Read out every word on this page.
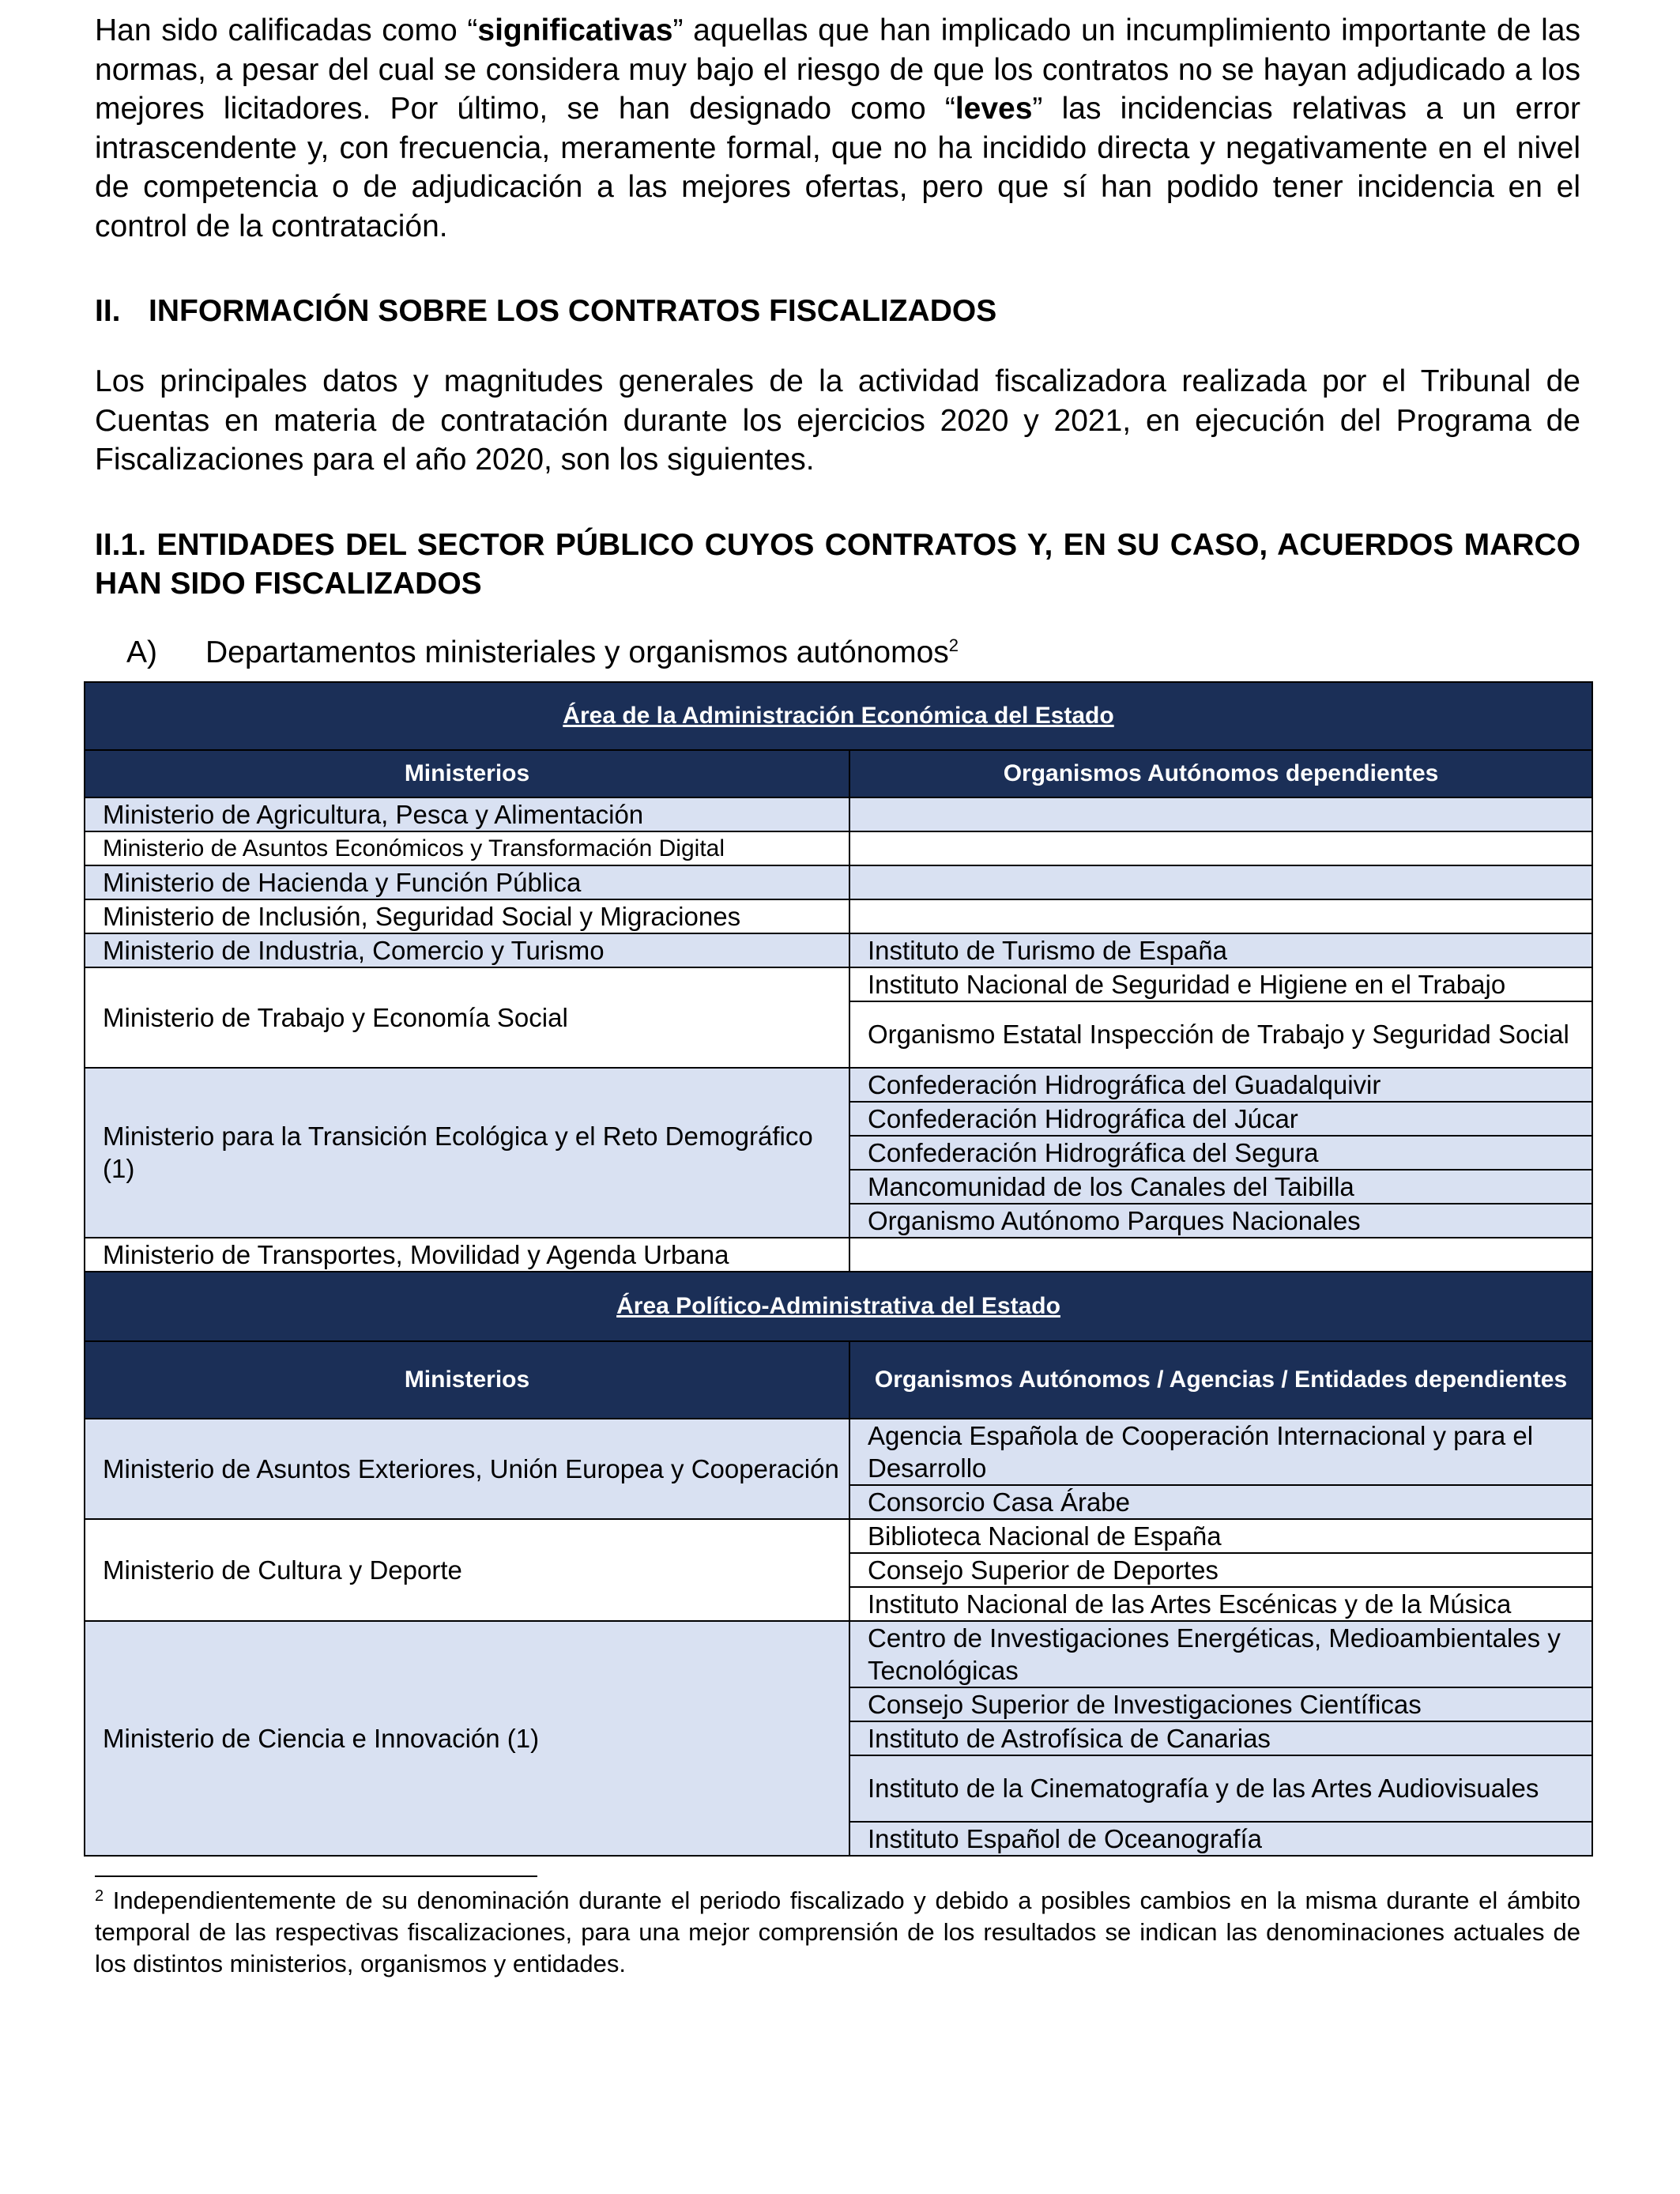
Han sido calificadas como “significativas” aquellas que han implicado un incumplimiento importante de las normas, a pesar del cual se considera muy bajo el riesgo de que los contratos no se hayan adjudicado a los mejores licitadores. Por último, se han designado como “leves” las incidencias relativas a un error intrascendente y, con frecuencia, meramente formal, que no ha incidido directa y negativamente en el nivel de competencia o de adjudicación a las mejores ofertas, pero que sí han podido tener incidencia en el control de la contratación.

II. INFORMACIÓN SOBRE LOS CONTRATOS FISCALIZADOS

Los principales datos y magnitudes generales de la actividad fiscalizadora realizada por el Tribunal de Cuentas en materia de contratación durante los ejercicios 2020 y 2021, en ejecución del Programa de Fiscalizaciones para el año 2020, son los siguientes.

II.1. ENTIDADES DEL SECTOR PÚBLICO CUYOS CONTRATOS Y, EN SU CASO, ACUERDOS MARCO HAN SIDO FISCALIZADOS
A) Departamentos ministeriales y organismos autónomos$^2$
Área de la Administración Económica del Estado	
Ministerios	Organismos Autónomos dependientes
Ministerio de Agricultura, Pesca y Alimentación	
Ministerio de Asuntos Económicos y Transformación Digital	
Ministerio de Hacienda y Función Pública	
Ministerio de Inclusión, Seguridad Social y Migraciones	
Ministerio de Industria, Comercio y Turismo	Instituto de Turismo de España
Ministerio de Trabajo y Economía Social	Instituto Nacional de Seguridad e Higiene en el Trabajo
	Organismo Estatal Inspección de Trabajo y Seguridad Social
Ministerio para la Transición Ecológica y el Reto Demográfico (1)	Confederación Hidrográfica del Guadalquivir
	Confederación Hidrográfica del Júcar
	Confederación Hidrográfica del Segura
	Mancomunidad de los Canales del Taibilla
	Organismo Autónomo Parques Nacionales
Ministerio de Transportes, Movilidad y Agenda Urbana	
Área Político-Administrativa del Estado	
Ministerios	Organismos Autónomos / Agencias / Entidades dependientes
Ministerio de Asuntos Exteriores, Unión Europea y Cooperación	Agencia Española de Cooperación Internacional y para el Desarrollo
	Consorcio Casa Árabe
Ministerio de Cultura y Deporte	Biblioteca Nacional de España
	Consejo Superior de Deportes
	Instituto Nacional de las Artes Escénicas y de la Música
Ministerio de Ciencia e Innovación (1)	Centro de Investigaciones Energéticas, Medioambientales y Tecnológicas
	Consejo Superior de Investigaciones Científicas
	Instituto de Astrofísica de Canarias
	Instituto de la Cinematografía y de las Artes Audiovisuales
	Instituto Español de Oceanografía

$^2$ Independientemente de su denominación durante el periodo fiscalizado y debido a posibles cambios en la misma durante el ámbito temporal de las respectivas fiscalizaciones, para una mejor comprensión de los resultados se indican las denominaciones actuales de los distintos ministerios, organismos y entidades.
